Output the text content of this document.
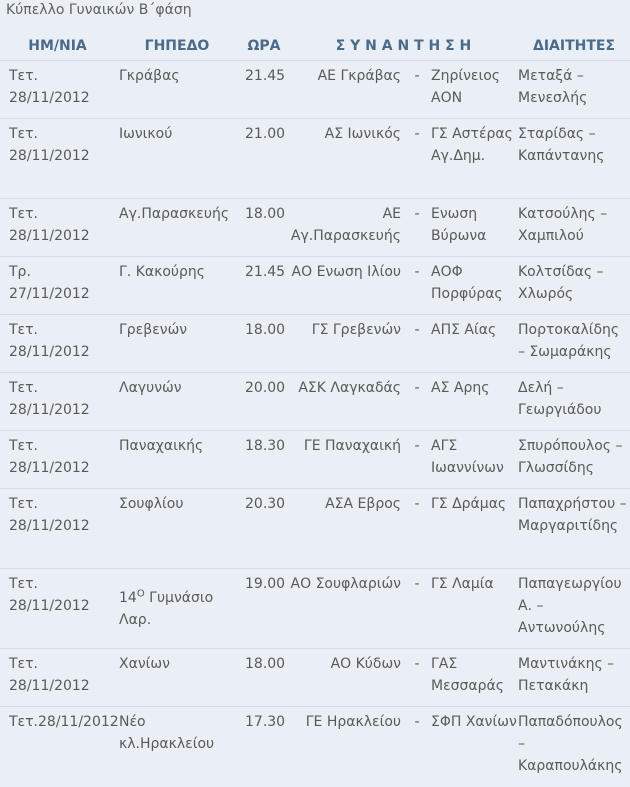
Κύπελλο Γυναικών Β΄φάση
ΗΜ/ΝΙΑ	ΓΗΠΕΔΟ	ΩΡΑ	Σ Υ Ν Α Ν Τ Η Σ Η			ΔΙΑΙΤΗΤΕΣ
Τετ. 28/11/2012	Γκράβας	21.45	ΑΕ Γκράβας	-	Ζηρίνειος ΑΟΝ	Μεταξά – Μενεσλής
Τετ. 28/11/2012	Ιωνικού	21.00	ΑΣ Ιωνικός	-	ΓΣ Αστέρας Αγ.Δημ.	Σταρίδας – Καπάντανης
Τετ. 28/11/2012	Αγ.Παρασκευής	18.00	ΑΕ Αγ.Παρασκευής	-	Ενωση Βύρωνα	Κατσούλης – Χαμπιλού
Τρ. 27/11/2012	Γ. Κακούρης	21.45	ΑΟ Ενωση Ιλίου	-	ΑΟΦ Πορφύρας	Κολτσίδας – Χλωρός
Τετ. 28/11/2012	Γρεβενών	18.00	ΓΣ Γρεβενών	-	ΑΠΣ Αίας	Πορτοκαλίδης – Σωμαράκης
Τετ. 28/11/2012	Λαγυνών	20.00	ΑΣΚ Λαγκαδάς	-	ΑΣ Αρης	Δελή – Γεωργιάδου
Τετ. 28/11/2012	Παναχαικής	18.30	ΓΕ Παναχαική	-	ΑΓΣ Ιωαννίνων	Σπυρόπουλος – Γλωσσίδης
Τετ. 28/11/2012	Σουφλίου	20.30	ΑΣΑ Εβρος	-	ΓΣ Δράμας	Παπαχρήστου – Μαργαριτίδης
Τετ. 28/11/2012	$14^O$ Γυμνάσιο Λαρ.	19.00	ΑΟ Σουφλαριών	-	ΓΣ Λαμία	Παπαγεωργίου Α. – Αντωνούλης
Τετ. 28/11/2012	Χανίων	18.00	ΑΟ Κύδων	-	ΓΑΣ Μεσσαράς	Μαντινάκης – Πετακάκη
Τετ.28/11/2012	Νέο κλ.Ηρακλείου	17.30	ΓΕ Ηρακλείου	-	ΣΦΠ Χανίων	Παπαδόπουλος – Καραπουλάκης
